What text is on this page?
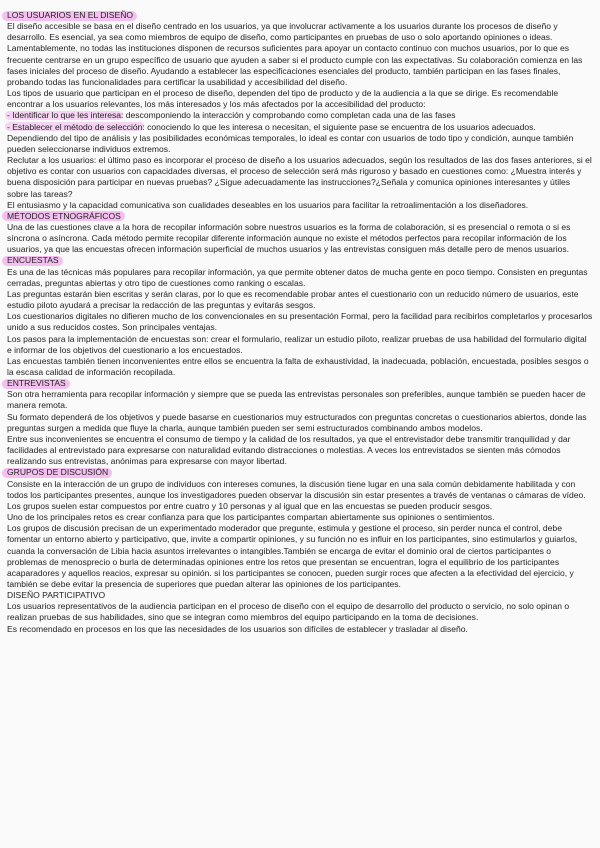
LOS USUARIOS EN EL DISEÑO

El diseño accesible se basa en el diseño centrado en los usuarios, ya que involucrar activamente a los usuarios durante los procesos de diseño y desarrollo. Es esencial, ya sea como miembros de equipo de diseño, como participantes en pruebas de uso o solo aportando opiniones o ideas.

Lamentablemente, no todas las instituciones disponen de recursos suficientes para apoyar un contacto continuo con muchos usuarios, por lo que es frecuente centrarse en un grupo específico de usuario que ayuden a saber si el producto cumple con las expectativas. Su colaboración comienza en las fases iniciales del proceso de diseño. Ayudando a establecer las especificaciones esenciales del producto, también participan en las fases finales, probando todas las funcionalidades para certificar la usabilidad y accesibilidad del diseño.

Los tipos de usuario que participan en el proceso de diseño, dependen del tipo de producto y de la audiencia a la que se dirige. Es recomendable encontrar a los usuarios relevantes, los más interesados y los más afectados por la accesibilidad del producto:

- Identificar lo que les interesa: descomponiendo la interacción y comprobando como completan cada una de las fases

- Establecer el método de selección: conociendo lo que les interesa o necesitan, el siguiente pase se encuentra de los usuarios adecuados.

Dependiendo del tipo de análisis y las posibilidades económicas temporales, lo ideal es contar con usuarios de todo tipo y condición, aunque también pueden seleccionarse individuos extremos.

Reclutar a los usuarios: el último paso es incorporar el proceso de diseño a los usuarios adecuados, según los resultados de las dos fases anteriores, si el objetivo es contar con usuarios con capacidades diversas, el proceso de selección será más riguroso y basado en cuestiones como: ¿Muestra interés y buena disposición para participar en nuevas pruebas? ¿Sigue adecuadamente las instrucciones?¿Señala y comunica opiniones interesantes y útiles sobre las tareas?

El entusiasmo y la capacidad comunicativa son cualidades deseables en los usuarios para facilitar la retroalimentación a los diseñadores.

MÉTODOS ETNOGRÁFICOS

Una de las cuestiones clave a la hora de recopilar información sobre nuestros usuarios es la forma de colaboración, si es presencial o remota o si es síncrona o asíncrona. Cada método permite recopilar diferente información aunque no existe el métodos perfectos para recopilar información de los usuarios, ya que las encuestas ofrecen información superficial de muchos usuarios y las entrevistas consiguen más detalle pero de menos usuarios.

ENCUESTAS

Es una de las técnicas más populares para recopilar información, ya que permite obtener datos de mucha gente en poco tiempo. Consisten en preguntas cerradas, preguntas abiertas y otro tipo de cuestiones como ranking o escalas.

Las preguntas estarán bien escritas y serán claras, por lo que es recomendable probar antes el cuestionario con un reducido número de usuarios, este estudio piloto ayudará a precisar la redacción de las preguntas y evitarás sesgos.

Los cuestionarios digitales no difieren mucho de los convencionales en su presentación Formal, pero la facilidad para recibirlos completarlos y procesarlos unido a sus reducidos costes. Son principales ventajas.

Los pasos para la implementación de encuestas son: crear el formulario, realizar un estudio piloto, realizar pruebas de usa habilidad del formulario digital e informar de los objetivos del cuestionario a los encuestados.

Las encuestas también tienen inconvenientes entre ellos se encuentra la falta de exhaustividad, la inadecuada, población, encuestada, posibles sesgos o la escasa calidad de información recopilada.

ENTREVISTAS

Son otra herramienta para recopilar información y siempre que se pueda las entrevistas personales son preferibles, aunque también se pueden hacer de manera remota.

Su formato dependerá de los objetivos y puede basarse en cuestionarios muy estructurados con preguntas concretas o cuestionarios abiertos, donde las preguntas surgen a medida que fluye la charla, aunque también pueden ser semi estructurados combinando ambos modelos.

Entre sus inconvenientes se encuentra el consumo de tiempo y la calidad de los resultados, ya que el entrevistador debe transmitir tranquilidad y dar facilidades al entrevistado para expresarse con naturalidad evitando distracciones o molestias. A veces los entrevistados se sienten más cómodos realizando sus entrevistas, anónimas para expresarse con mayor libertad.

GRUPOS DE DISCUSIÓN

Consiste en la interacción de un grupo de individuos con intereses comunes, la discusión tiene lugar en una sala común debidamente habilitada y con todos los participantes presentes, aunque los investigadores pueden observar la discusión sin estar presentes a través de ventanas o cámaras de vídeo.

Los grupos suelen estar compuestos por entre cuatro y 10 personas y al igual que en las encuestas se pueden producir sesgos.

Uno de los principales retos es crear confianza para que los participantes compartan abiertamente sus opiniones o sentimientos.

Los grupos de discusión precisan de un experimentado moderador que pregunte, estimula y gestione el proceso, sin perder nunca el control, debe fomentar un entorno abierto y participativo, que, invite a compartir opiniones, y su función no es influir en los participantes, sino estimularlos y guiarlos, cuanda la conversación de Libia hacia asuntos irrelevantes o intangibles.También se encarga de evitar el dominio oral de ciertos participantes o problemas de menosprecio o burla de determinadas opiniones entre los retos que presentan se encuentran, logra el equilibrio de los participantes acaparadores y aquellos reacios, expresar su opinión. si los participantes se conocen, pueden surgir roces que afecten a la efectividad del ejercicio, y también se debe evitar la presencia de superiores que puedan alterar las opiniones de los participantes.

DISEÑO PARTICIPATIVO

Los usuarios representativos de la audiencia participan en el proceso de diseño con el equipo de desarrollo del producto o servicio, no solo opinan o realizan pruebas de sus habilidades, sino que se integran como miembros del equipo participando en la toma de decisiones.

Es recomendado en procesos en los que las necesidades de los usuarios son difíciles de establecer y trasladar al diseño.
